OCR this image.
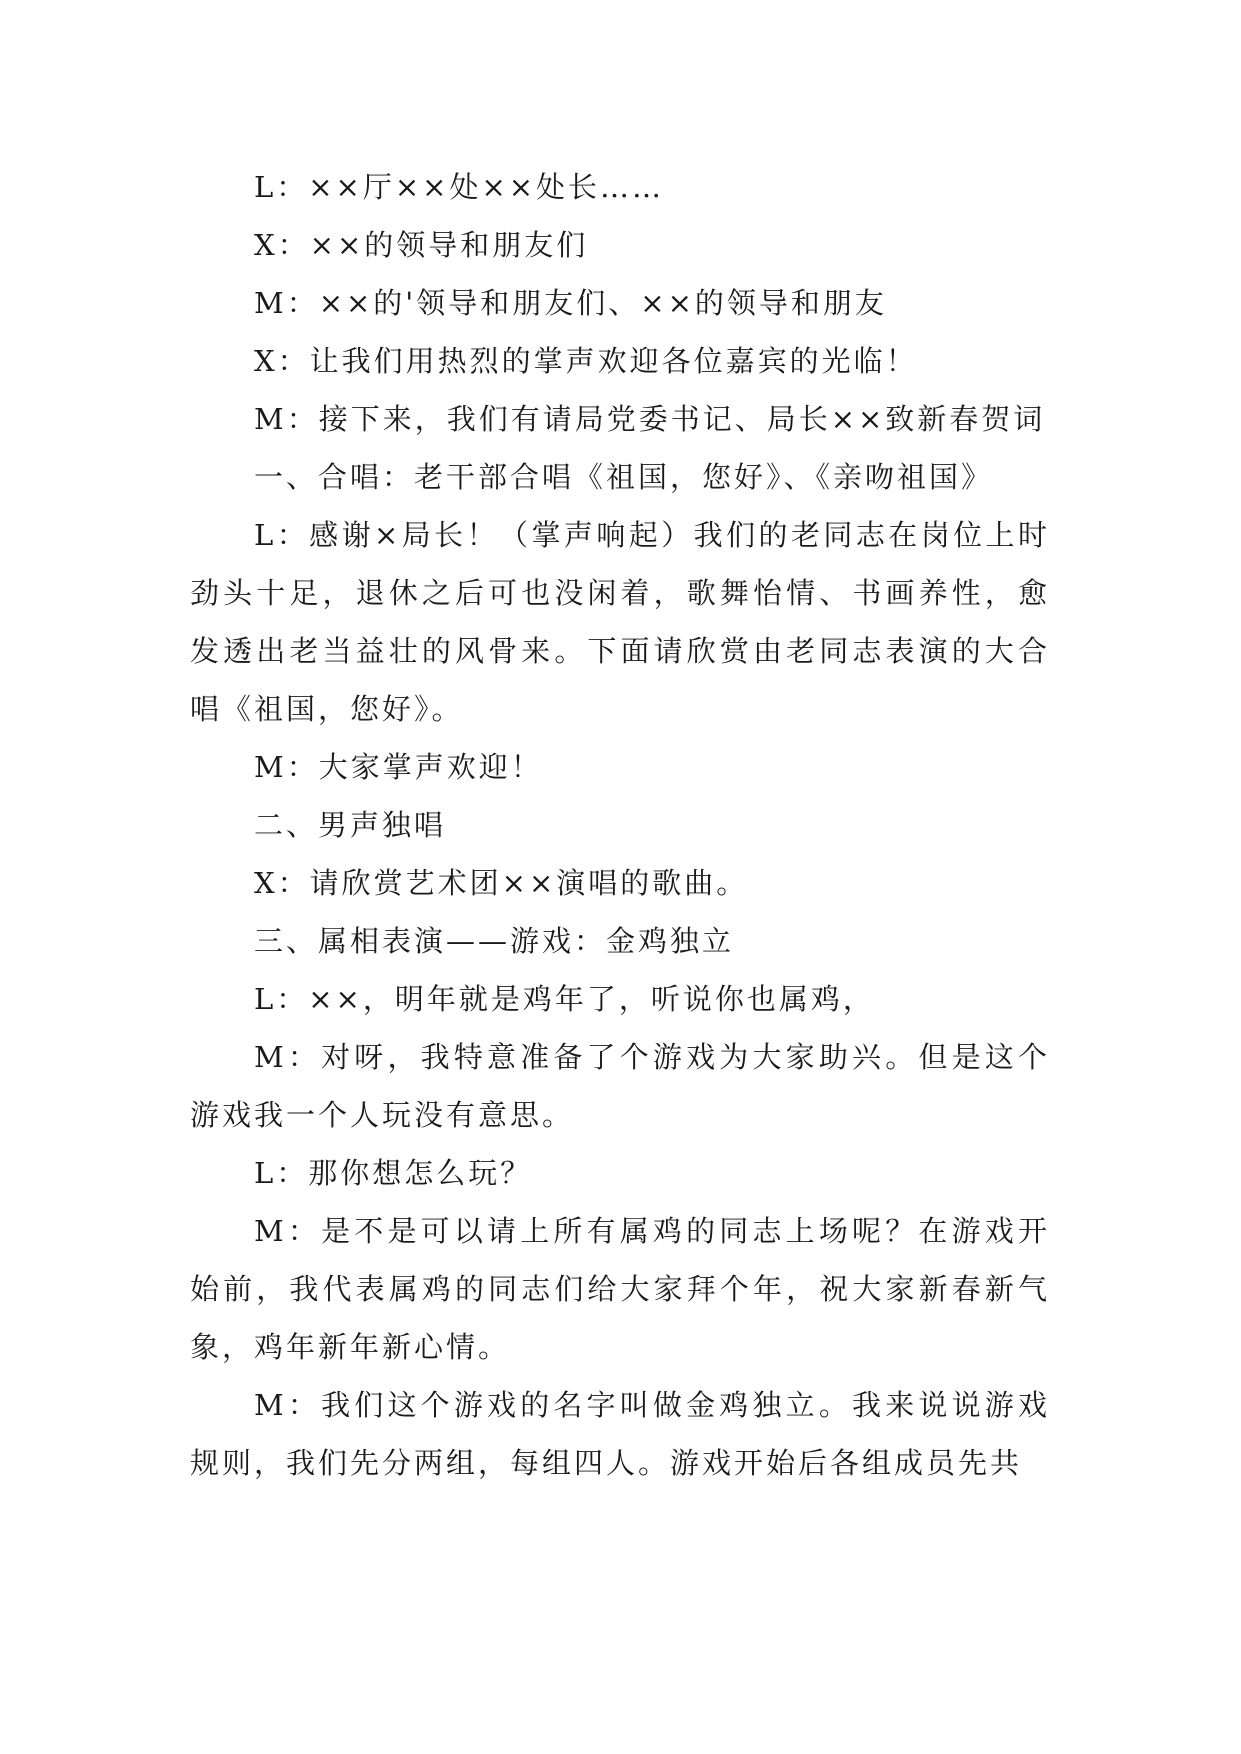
L：××厅××处××处长……

X：××的领导和朋友们

M：××的'领导和朋友们、××的领导和朋友

X：让我们用热烈的掌声欢迎各位嘉宾的光临！

M：接下来，我们有请局党委书记、局长××致新春贺词

一、合唱：老干部合唱《祖国，您好》、《亲吻祖国》

L：感谢×局长！（掌声响起）我们的老同志在岗位上时劲头十足，退休之后可也没闲着，歌舞怡情、书画养性，愈发透出老当益壮的风骨来。下面请欣赏由老同志表演的大合唱《祖国，您好》。

M：大家掌声欢迎！

二、男声独唱

X：请欣赏艺术团××演唱的歌曲。

三、属相表演——游戏：金鸡独立

L：××，明年就是鸡年了，听说你也属鸡，

M：对呀，我特意准备了个游戏为大家助兴。但是这个游戏我一个人玩没有意思。

L：那你想怎么玩？

M：是不是可以请上所有属鸡的同志上场呢？在游戏开始前，我代表属鸡的同志们给大家拜个年，祝大家新春新气象，鸡年新年新心情。

M：我们这个游戏的名字叫做金鸡独立。我来说说游戏规则，我们先分两组，每组四人。游戏开始后各组成员先共
